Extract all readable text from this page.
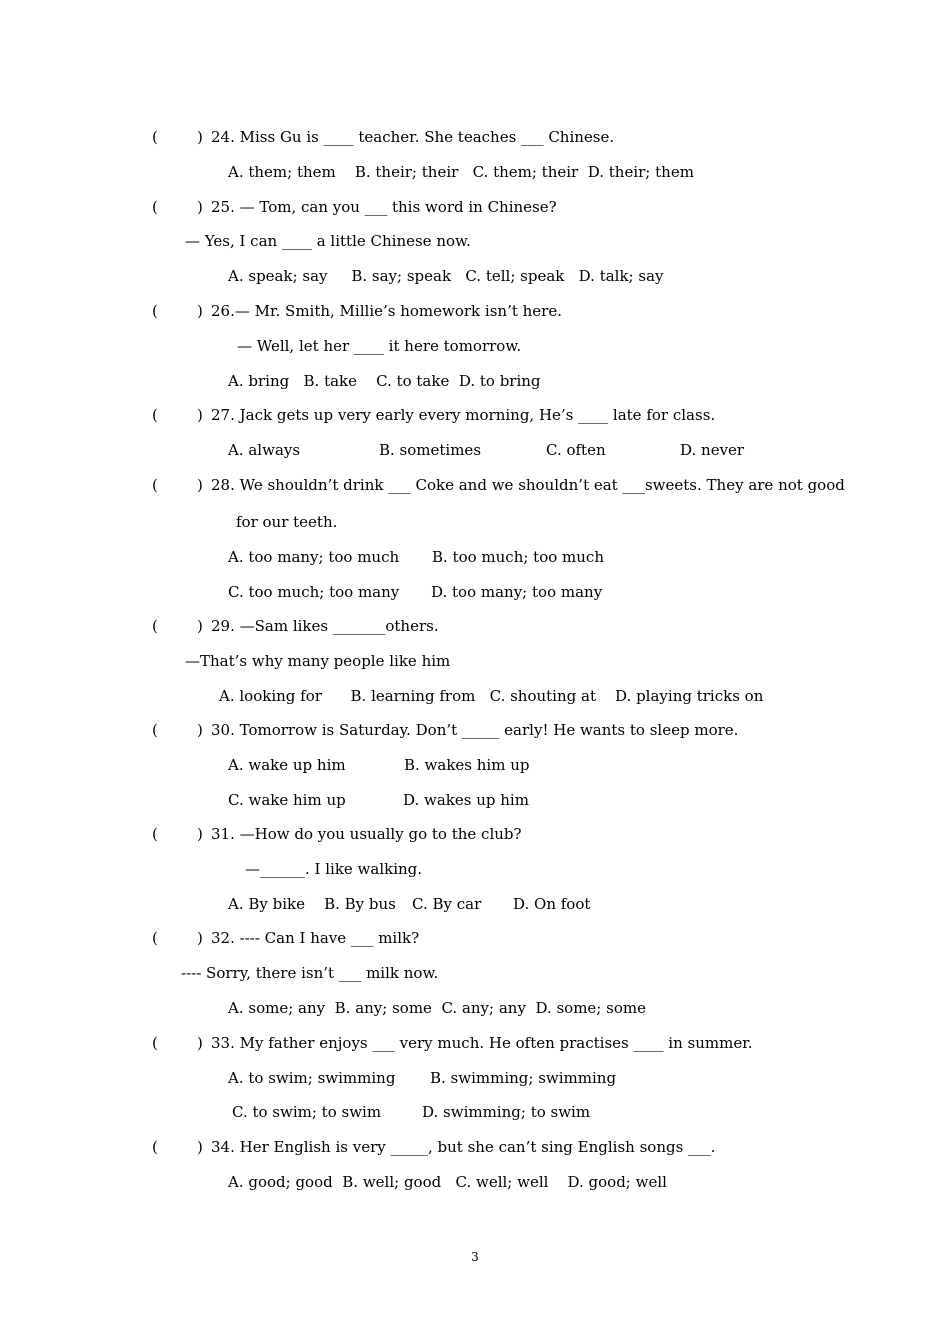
(	) 24. Miss Gu is ____ teacher. She teaches ___ Chinese.
A. them; them    B. their; their   C. them; their  D. their; them
(	) 25. — Tom, can you ___ this word in Chinese?
— Yes, I can ____ a little Chinese now.
A. speak; say     B. say; speak   C. tell; speak   D. talk; say
(	) 26.— Mr. Smith, Millie’s homework isn’t here.
— Well, let her ____ it here tomorrow.
A. bring   B. take    C. to take  D. to bring
(	) 27. Jack gets up very early every morning, He’s ____ late for class.
A. always	B. sometimes	C. often	D. never
(	) 28. We shouldn’t drink ___ Coke and we shouldn’t eat ___sweets. They are not good
for our teeth.
A. too many; too much B. too much; too much
C. too much; too many D. too many; too many
(	) 29. —Sam likes _______others.
—That’s why many people like him
A. looking for      B. learning from   C. shouting at    D. playing tricks on
(	) 30. Tomorrow is Saturday. Don’t _____ early! He wants to sleep more.
A. wake up him	B. wakes him up
C. wake him up	D. wakes up him
(	) 31. —How do you usually go to the club?
—______. I like walking.
A. By bike    B. By bus C. By car D. On foot
(	) 32. ---- Can I have ___ milk?
---- Sorry, there isn’t ___ milk now.
A. some; any  B. any; some  C. any; any  D. some; some
(	) 33. My father enjoys ___ very much. He often practises ____ in summer.
A. to swim; swimming B. swimming; swimming
C. to swim; to swim	D. swimming; to swim
(	) 34. Her English is very _____, but she can’t sing English songs ___.
A. good; good  B. well; good   C. well; well    D. good; well
3
